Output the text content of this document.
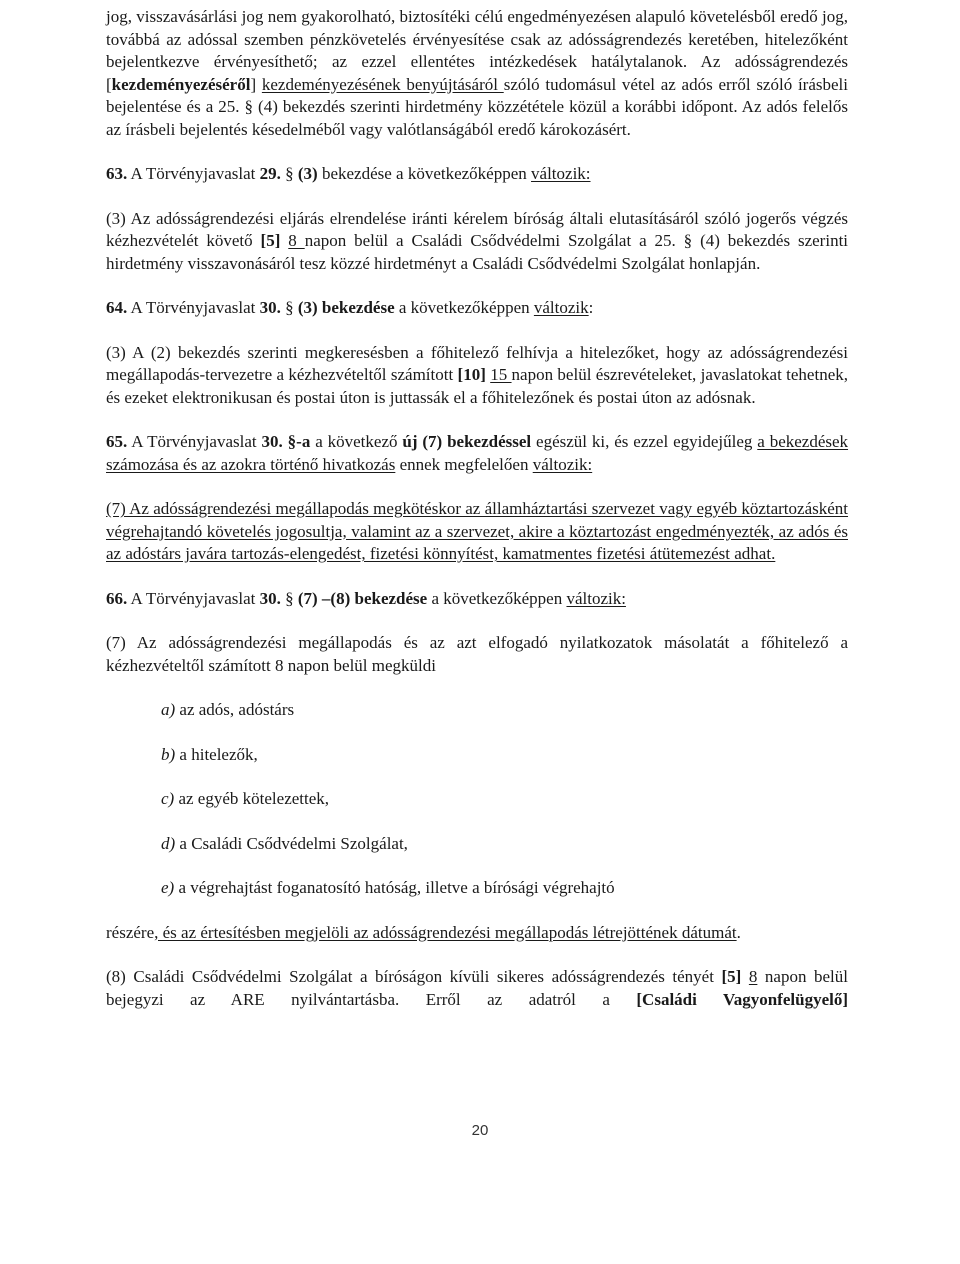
jog, visszavásárlási jog nem gyakorolható, biztosítéki célú engedményezésen alapuló követelésből eredő jog, továbbá az adóssal szemben pénzkövetelés érvényesítése csak az adósságrendezés keretében, hitelezőként bejelentkezve érvényesíthető; az ezzel ellentétes intézkedések hatálytalanok. Az adósságrendezés [kezdeményezéséről] kezdeményezésének benyújtásáról szóló tudomásul vétel az adós erről szóló írásbeli bejelentése és a 25. § (4) bekezdés szerinti hirdetmény közzététele közül a korábbi időpont. Az adós felelős az írásbeli bejelentés késedelméből vagy valótlanságából eredő károkozásért.

63. A Törvényjavaslat 29. § (3) bekezdése a következőképpen változik:

(3) Az adósságrendezési eljárás elrendelése iránti kérelem bíróság általi elutasításáról szóló jogerős végzés kézhezvételét követő [5] 8 napon belül a Családi Csődvédelmi Szolgálat a 25. § (4) bekezdés szerinti hirdetmény visszavonásáról tesz közzé hirdetményt a Családi Csődvédelmi Szolgálat honlapján.

64. A Törvényjavaslat 30. § (3) bekezdése a következőképpen változik:

(3) A (2) bekezdés szerinti megkeresésben a főhitelező felhívja a hitelezőket, hogy az adósságrendezési megállapodás-tervezetre a kézhezvételtől számított [10] 15 napon belül észrevételeket, javaslatokat tehetnek, és ezeket elektronikusan és postai úton is juttassák el a főhitelezőnek és postai úton az adósnak.

65. A Törvényjavaslat 30. §-a a következő új (7) bekezdéssel egészül ki, és ezzel egyidejűleg a bekezdések számozása és az azokra történő hivatkozás ennek megfelelően változik:

(7) Az adósságrendezési megállapodás megkötéskor az államháztartási szervezet vagy egyéb köztartozásként végrehajtandó követelés jogosultja, valamint az a szervezet, akire a köztartozást engedményezték, az adós és az adóstárs javára tartozás-elengedést, fizetési könnyítést, kamatmentes fizetési átütemezést adhat.

66. A Törvényjavaslat 30. § (7) –(8) bekezdése a következőképpen változik:

(7) Az adósságrendezési megállapodás és az azt elfogadó nyilatkozatok másolatát a főhitelező a kézhezvételtől számított 8 napon belül megküldi

a) az adós, adóstárs

b) a hitelezők,

c) az egyéb kötelezettek,

d) a Családi Csődvédelmi Szolgálat,

e) a végrehajtást foganatosító hatóság, illetve a bírósági végrehajtó

részére, és az értesítésben megjelöli az adósságrendezési megállapodás létrejöttének dátumát.

(8) Családi Csődvédelmi Szolgálat a bíróságon kívüli sikeres adósságrendezés tényét [5] 8 napon belül bejegyzi az ARE nyilvántartásba. Erről az adatról a [Családi Vagyonfelügyelő]

20
